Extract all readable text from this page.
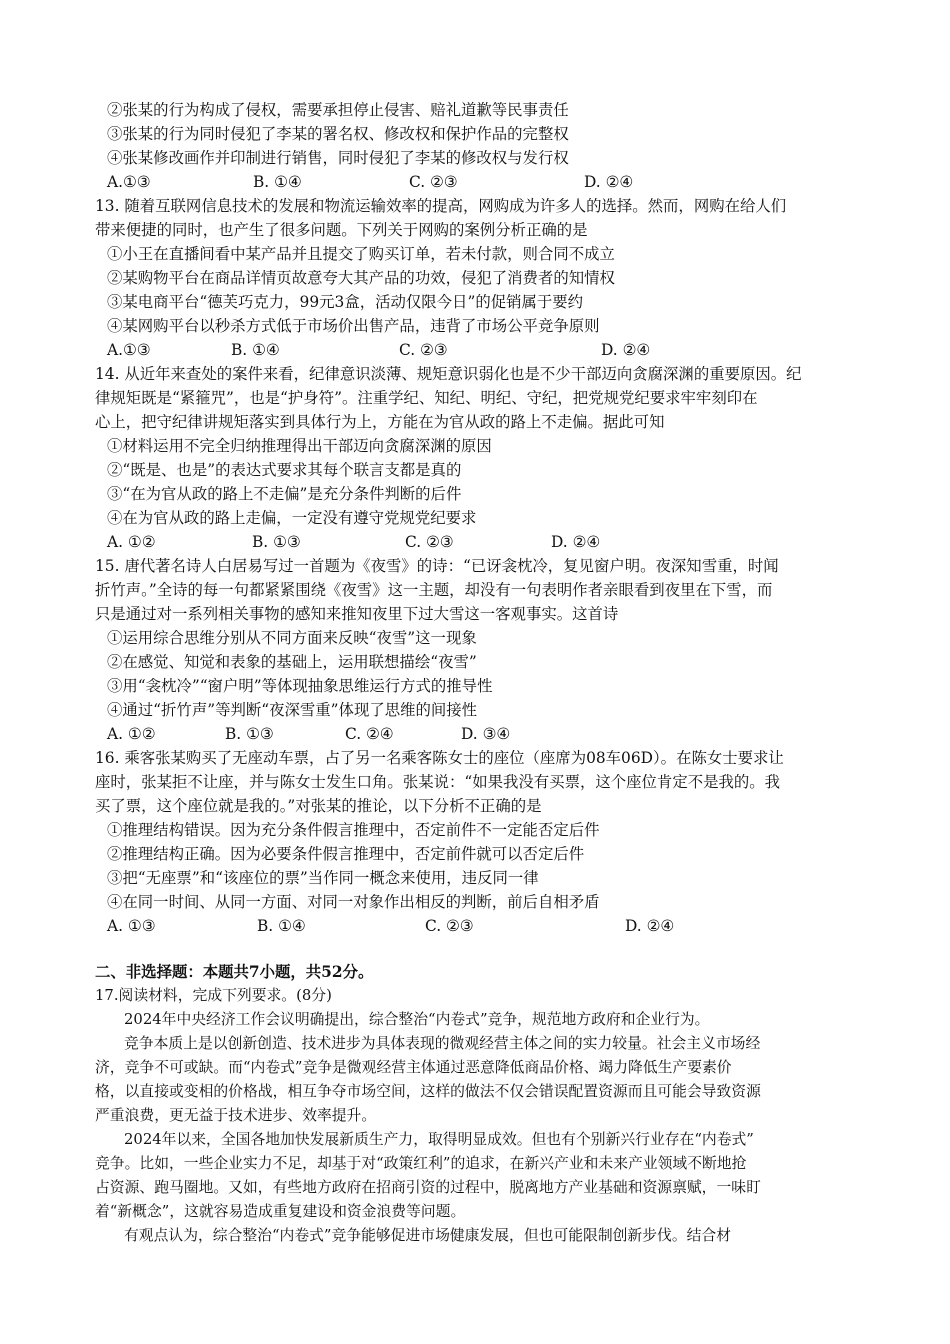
②张某的行为构成了侵权，需要承担停止侵害、赔礼道歉等民事责任
③张某的行为同时侵犯了李某的署名权、修改权和保护作品的完整权
④张某修改画作并印制进行销售，同时侵犯了李某的修改权与发行权
A.①③	B. ①④	C. ②③	D. ②④
13. 随着互联网信息技术的发展和物流运输效率的提高，网购成为许多人的选择。然而，网购在给人们
带来便捷的同时，也产生了很多问题。下列关于网购的案例分析正确的是
①小王在直播间看中某产品并且提交了购买订单，若未付款，则合同不成立
②某购物平台在商品详情页故意夸大其产品的功效，侵犯了消费者的知情权
③某电商平台“德芙巧克力，99元3盒，活动仅限今日”的促销属于要约
④某网购平台以秒杀方式低于市场价出售产品，违背了市场公平竞争原则
A.①③	B. ①④	C. ②③	D. ②④
14. 从近年来查处的案件来看，纪律意识淡薄、规矩意识弱化也是不少干部迈向贪腐深渊的重要原因。纪
律规矩既是“紧箍咒”，也是“护身符”。注重学纪、知纪、明纪、守纪，把党规党纪要求牢牢刻印在
心上，把守纪律讲规矩落实到具体行为上，方能在为官从政的路上不走偏。据此可知
①材料运用不完全归纳推理得出干部迈向贪腐深渊的原因
②“既是、也是”的表达式要求其每个联言支都是真的
③“在为官从政的路上不走偏”是充分条件判断的后件
④在为官从政的路上走偏，一定没有遵守党规党纪要求
A. ①②	B. ①③	C. ②③	D. ②④
15. 唐代著名诗人白居易写过一首题为《夜雪》的诗：“已讶衾枕冷，复见窗户明。夜深知雪重，时闻
折竹声。”全诗的每一句都紧紧围绕《夜雪》这一主题，却没有一句表明作者亲眼看到夜里在下雪，而
只是通过对一系列相关事物的感知来推知夜里下过大雪这一客观事实。这首诗
①运用综合思维分别从不同方面来反映“夜雪”这一现象
②在感觉、知觉和表象的基础上，运用联想描绘“夜雪”
③用“衾枕冷”“窗户明”等体现抽象思维运行方式的推导性
④通过“折竹声”等判断“夜深雪重”体现了思维的间接性
A. ①②	B. ①③	C. ②④	D. ③④
16. 乘客张某购买了无座动车票，占了另一名乘客陈女士的座位（座席为08车06D）。在陈女士要求让
座时，张某拒不让座，并与陈女士发生口角。张某说：“如果我没有买票，这个座位肯定不是我的。我
买了票，这个座位就是我的。”对张某的推论，以下分析不正确的是
①推理结构错误。因为充分条件假言推理中，否定前件不一定能否定后件
②推理结构正确。因为必要条件假言推理中，否定前件就可以否定后件
③把“无座票”和“该座位的票”当作同一概念来使用，违反同一律
④在同一时间、从同一方面、对同一对象作出相反的判断，前后自相矛盾
A. ①③	B. ①④	C. ②③	D. ②④
二、非选择题：本题共7小题，共52分。
17.阅读材料，完成下列要求。(8分)
2024年中央经济工作会议明确提出，综合整治“内卷式”竞争，规范地方政府和企业行为。
竞争本质上是以创新创造、技术进步为具体表现的微观经营主体之间的实力较量。社会主义市场经
济，竞争不可或缺。而“内卷式”竞争是微观经营主体通过恶意降低商品价格、竭力降低生产要素价
格，以直接或变相的价格战，相互争夺市场空间，这样的做法不仅会错误配置资源而且可能会导致资源
严重浪费，更无益于技术进步、效率提升。
2024年以来，全国各地加快发展新质生产力，取得明显成效。但也有个别新兴行业存在“内卷式”
竞争。比如，一些企业实力不足，却基于对“政策红利”的追求，在新兴产业和未来产业领域不断地抢
占资源、跑马圈地。又如，有些地方政府在招商引资的过程中，脱离地方产业基础和资源禀赋，一味盯
着“新概念”，这就容易造成重复建设和资金浪费等问题。
有观点认为，综合整治“内卷式”竞争能够促进市场健康发展，但也可能限制创新步伐。结合材
